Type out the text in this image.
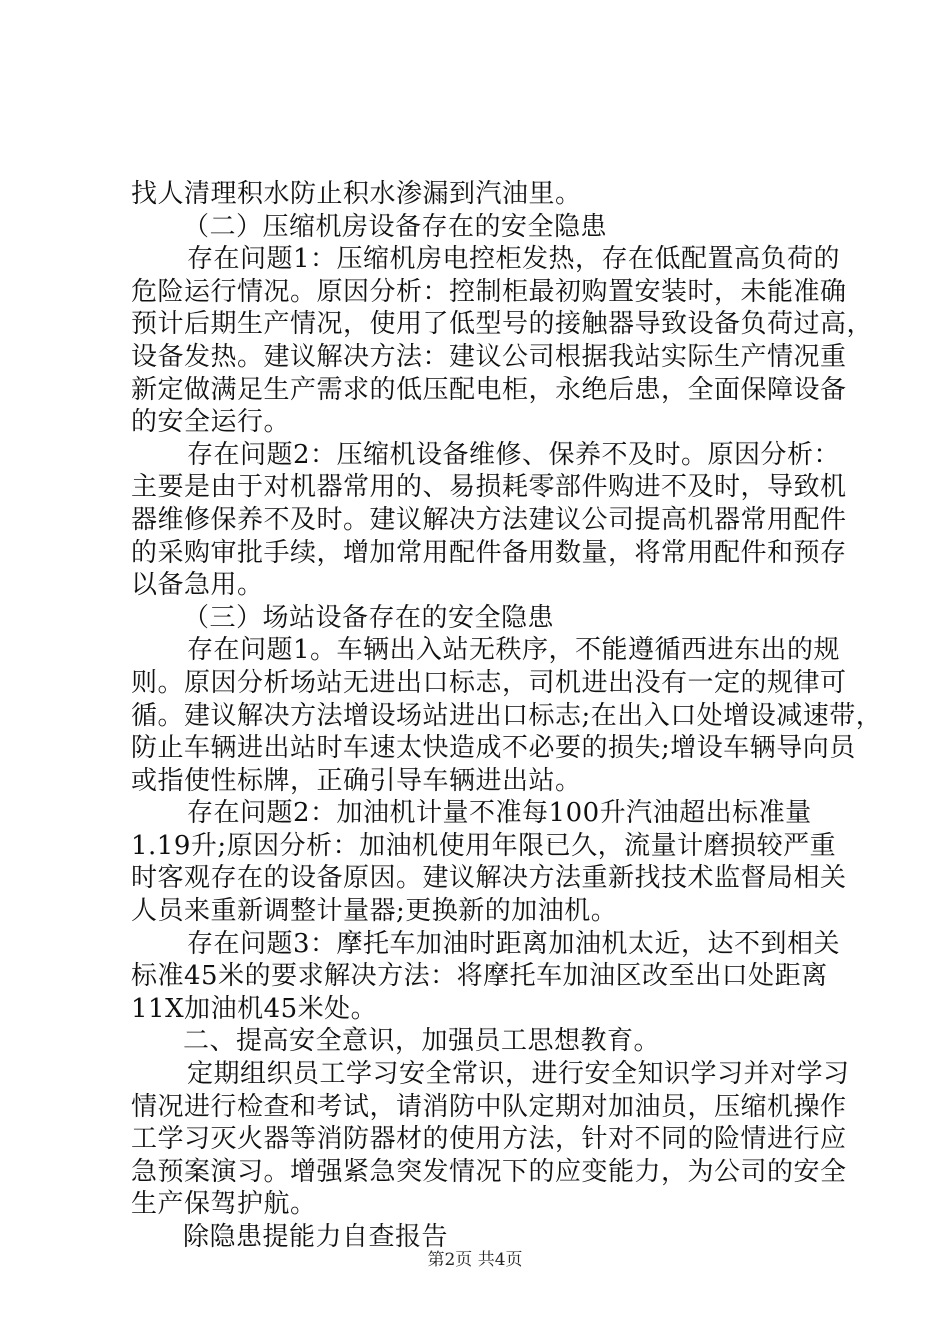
找人清理积水防止积水渗漏到汽油里。
（二）压缩机房设备存在的安全隐患
存在问题1：压缩机房电控柜发热，存在低配置高负荷的
危险运行情况。原因分析：控制柜最初购置安装时，未能准确
预计后期生产情况，使用了低型号的接触器导致设备负荷过高，
设备发热。建议解决方法：建议公司根据我站实际生产情况重
新定做满足生产需求的低压配电柜，永绝后患，全面保障设备
的安全运行。
存在问题2：压缩机设备维修、保养不及时。原因分析：
主要是由于对机器常用的、易损耗零部件购进不及时，导致机
器维修保养不及时。建议解决方法建议公司提高机器常用配件
的采购审批手续，增加常用配件备用数量，将常用配件和预存
以备急用。
（三）场站设备存在的安全隐患
存在问题1。车辆出入站无秩序，不能遵循西进东出的规
则。原因分析场站无进出口标志，司机进出没有一定的规律可
循。建议解决方法增设场站进出口标志;在出入口处增设减速带，
防止车辆进出站时车速太快造成不必要的损失;增设车辆导向员
或指使性标牌，正确引导车辆进出站。
存在问题2：加油机计量不准每100升汽油超出标准量
1.19升;原因分析：加油机使用年限已久，流量计磨损较严重
时客观存在的设备原因。建议解决方法重新找技术监督局相关
人员来重新调整计量器;更换新的加油机。
存在问题3：摩托车加油时距离加油机太近，达不到相关
标准45米的要求解决方法：将摩托车加油区改至出口处距离
11X加油机45米处。
二、提高安全意识，加强员工思想教育。
定期组织员工学习安全常识，进行安全知识学习并对学习
情况进行检查和考试，请消防中队定期对加油员，压缩机操作
工学习灭火器等消防器材的使用方法，针对不同的险情进行应
急预案演习。增强紧急突发情况下的应变能力，为公司的安全
生产保驾护航。
除隐患提能力自查报告
第2页 共4页
